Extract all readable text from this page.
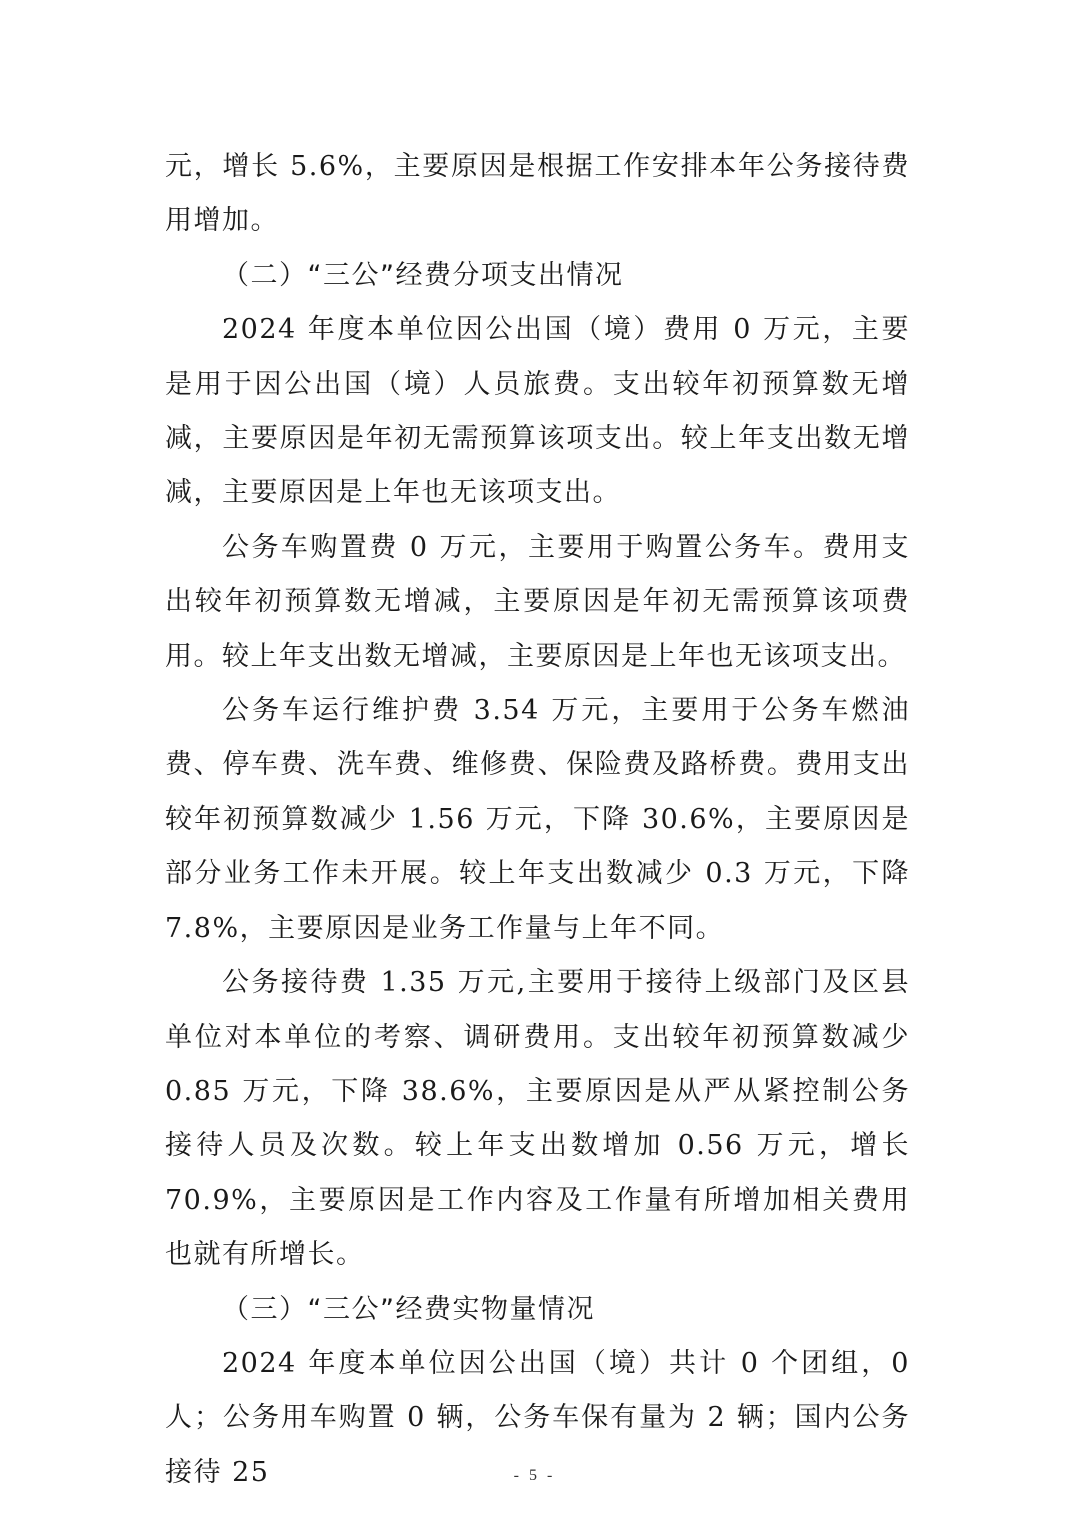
元，增长 5.6%，主要原因是根据工作安排本年公务接待费用增加。

（二）“三公”经费分项支出情况

2024 年度本单位因公出国（境）费用 0 万元，主要是用于因公出国（境）人员旅费。支出较年初预算数无增减，主要原因是年初无需预算该项支出。较上年支出数无增减，主要原因是上年也无该项支出。

公务车购置费 0 万元，主要用于购置公务车。费用支出较年初预算数无增减，主要原因是年初无需预算该项费用。较上年支出数无增减，主要原因是上年也无该项支出。

公务车运行维护费 3.54 万元，主要用于公务车燃油费、停车费、洗车费、维修费、保险费及路桥费。费用支出较年初预算数减少 1.56 万元，下降 30.6%，主要原因是部分业务工作未开展。较上年支出数减少 0.3 万元，下降 7.8%，主要原因是业务工作量与上年不同。

公务接待费 1.35 万元,主要用于接待上级部门及区县单位对本单位的考察、调研费用。支出较年初预算数减少 0.85 万元，下降 38.6%，主要原因是从严从紧控制公务接待人员及次数。较上年支出数增加 0.56 万元，增长 70.9%，主要原因是工作内容及工作量有所增加相关费用也就有所增长。

（三）“三公”经费实物量情况

2024 年度本单位因公出国（境）共计 0 个团组，0 人；公务用车购置 0 辆，公务车保有量为 2 辆；国内公务接待 25	- 5 -
